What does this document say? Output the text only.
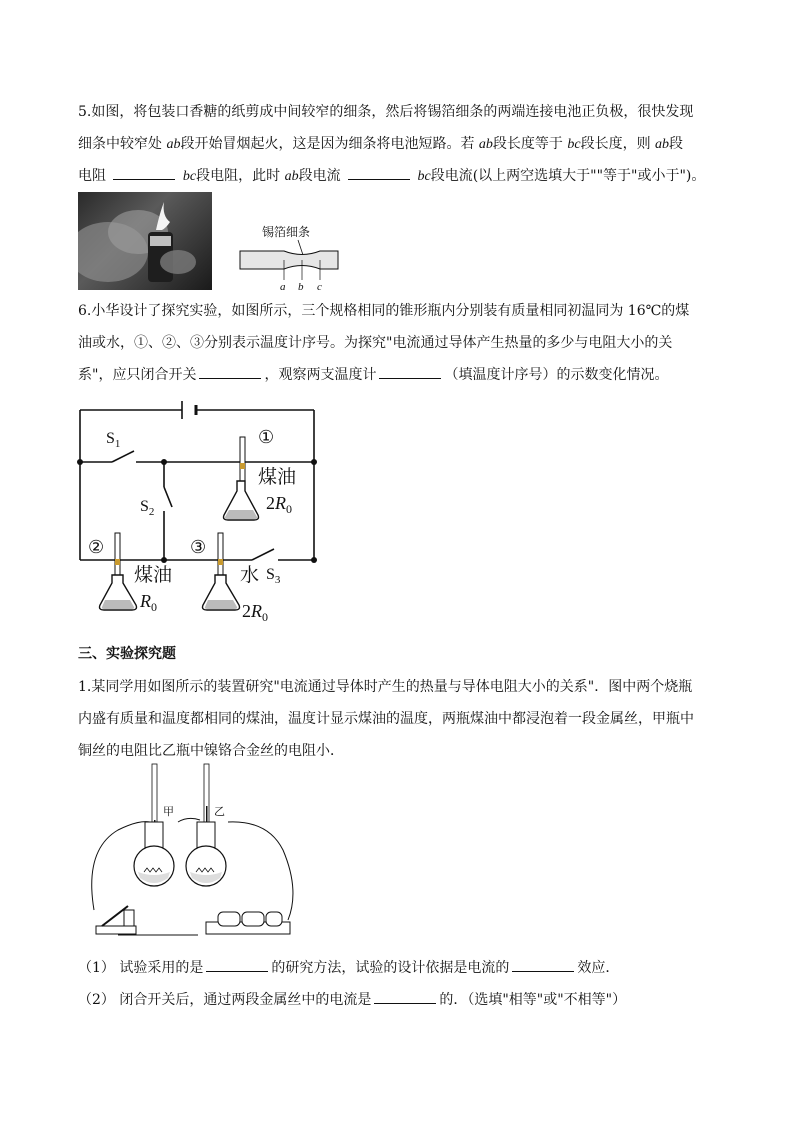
5.如图，将包装口香糖的纸剪成中间较窄的细条，然后将锡箔细条的两端连接电池正负极，很快发现
细条中较窄处 ab段开始冒烟起火，这是因为细条将电池短路。若 ab段长度等于 bc段长度，则 ab段
电阻	bc段电阻，此时 ab段电流	bc段电流(以上两空选填大于""等于"或小于")。
锡箔细条
a b c
6.小华设计了探究实验，如图所示，三个规格相同的锥形瓶内分别装有质量相同初温同为 16℃的煤
油或水，①、②、③分别表示温度计序号。为探究"电流通过导体产生热量的多少与电阻大小的关
系"，应只闭合开关	，观察两支温度计	（填温度计序号）的示数变化情况。
$S_1$
$S_2$
$S_3$
①
煤油
$2R_0$
②
煤油
$R_0$
③
水
$2R_0$
三、实验探究题
1.某同学用如图所示的装置研究"电流通过导体时产生的热量与导体电阻大小的关系"．图中两个烧瓶
内盛有质量和温度都相同的煤油，温度计显示煤油的温度，两瓶煤油中都浸泡着一段金属丝，甲瓶中
铜丝的电阻比乙瓶中镍铬合金丝的电阻小．
甲	乙
（1） 试验采用的是	的研究方法，试验的设计依据是电流的	效应．
（2） 闭合开关后，通过两段金属丝中的电流是	的．（选填"相等"或"不相等"）
